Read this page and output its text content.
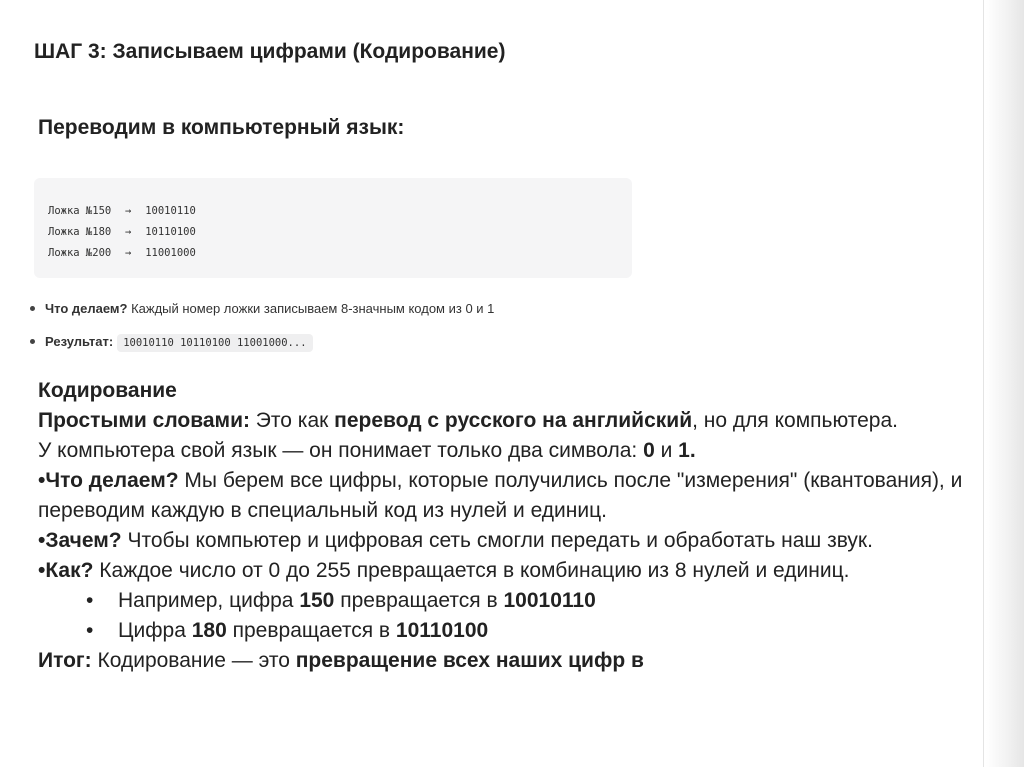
ШАГ 3: Записываем цифрами (Кодирование)
Переводим в компьютерный язык:
Ложка №150 → 10010110
Ложка №180 → 10110100
Ложка №200 → 11001000
Что делаем? Каждый номер ложки записываем 8-значным кодом из 0 и 1
Результат: 10010110 10110100 11001000...

Кодирование

Простыми словами: Это как перевод с русского на английский, но для компьютера.

У компьютера свой язык — он понимает только два символа: 0 и 1.

•Что делаем? Мы берем все цифры, которые получились после "измерения" (квантования), и переводим каждую в специальный код из нулей и единиц.

•Зачем? Чтобы компьютер и цифровая сеть смогли передать и обработать наш звук.

•Как? Каждое число от 0 до 255 превращается в комбинацию из 8 нулей и единиц.

• Например, цифра 150 превращается в 10010110

• Цифра 180 превращается в 10110100

Итог: Кодирование — это превращение всех наших цифр в
